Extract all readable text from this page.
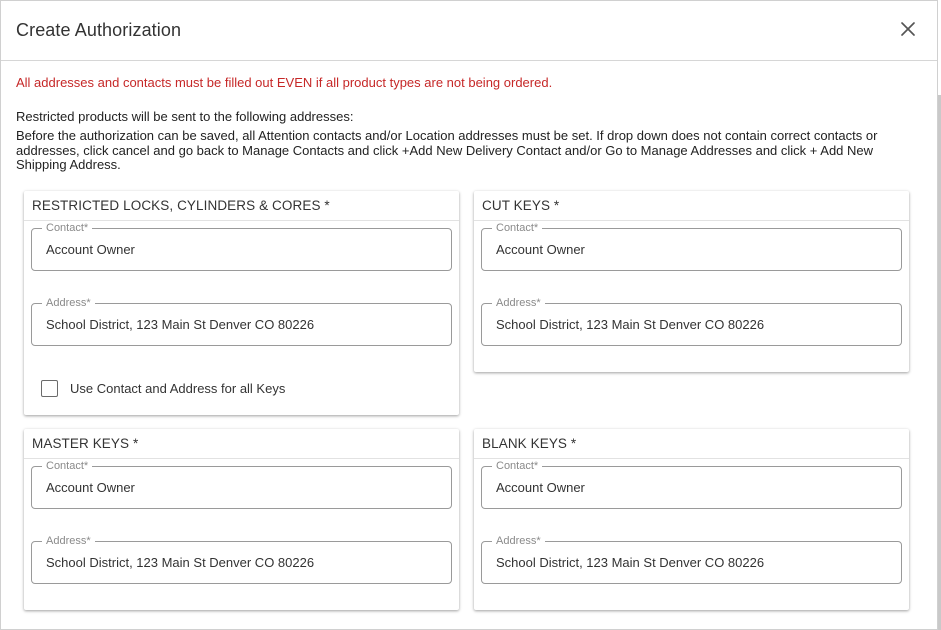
Create Authorization
All addresses and contacts must be filled out EVEN if all product types are not being ordered.
Restricted products will be sent to the following addresses:
Before the authorization can be saved, all Attention contacts and/or Location addresses must be set. If drop down does not contain correct contacts or addresses, click cancel and go back to Manage Contacts and click +Add New Delivery Contact and/or Go to Manage Addresses and click + Add New Shipping Address.
RESTRICTED LOCKS, CYLINDERS & CORES *
Contact*
Account Owner
Address*
School District, 123 Main St Denver CO 80226
Use Contact and Address for all Keys
CUT KEYS *
Contact*
Account Owner
Address*
School District, 123 Main St Denver CO 80226
MASTER KEYS *
Contact*
Account Owner
Address*
School District, 123 Main St Denver CO 80226
BLANK KEYS *
Contact*
Account Owner
Address*
School District, 123 Main St Denver CO 80226
